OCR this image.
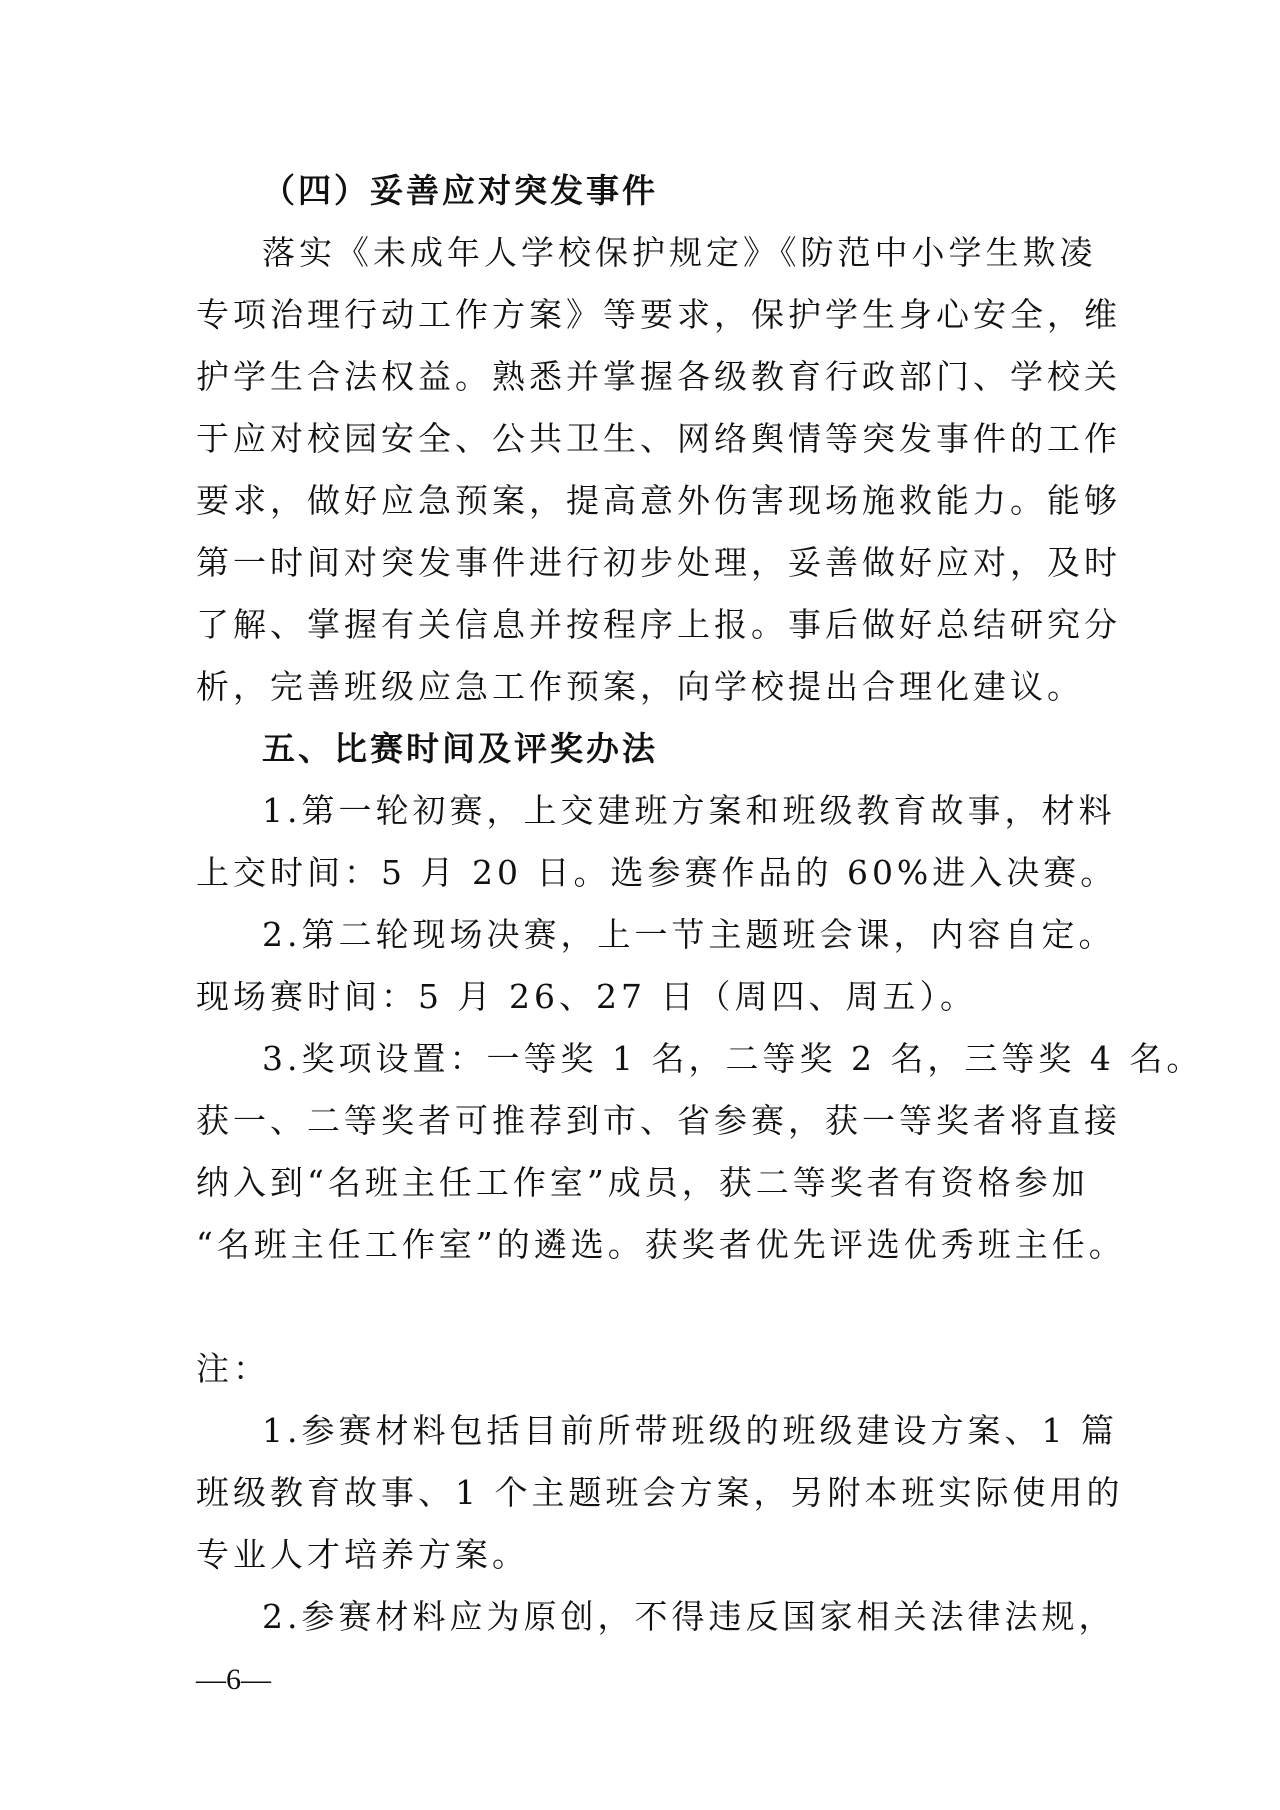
（四）妥善应对突发事件
落实《未成年人学校保护规定》《防范中小学生欺凌
专项治理行动工作方案》等要求，保护学生身心安全，维
护学生合法权益。熟悉并掌握各级教育行政部门、学校关
于应对校园安全、公共卫生、网络舆情等突发事件的工作
要求，做好应急预案，提高意外伤害现场施救能力。能够
第一时间对突发事件进行初步处理，妥善做好应对，及时
了解、掌握有关信息并按程序上报。事后做好总结研究分
析，完善班级应急工作预案，向学校提出合理化建议。
五、比赛时间及评奖办法
1.第一轮初赛，上交建班方案和班级教育故事，材料
上交时间：5 月 20 日。选参赛作品的 60%进入决赛。
2.第二轮现场决赛，上一节主题班会课，内容自定。
现场赛时间：5 月 26、27 日（周四、周五）。
3.奖项设置：一等奖 1 名，二等奖 2 名，三等奖 4 名。
获一、二等奖者可推荐到市、省参赛，获一等奖者将直接
纳入到“名班主任工作室”成员，获二等奖者有资格参加
“名班主任工作室”的遴选。获奖者优先评选优秀班主任。
注：
1.参赛材料包括目前所带班级的班级建设方案、1 篇
班级教育故事、1 个主题班会方案，另附本班实际使用的
专业人才培养方案。
2.参赛材料应为原创，不得违反国家相关法律法规，
—6—
